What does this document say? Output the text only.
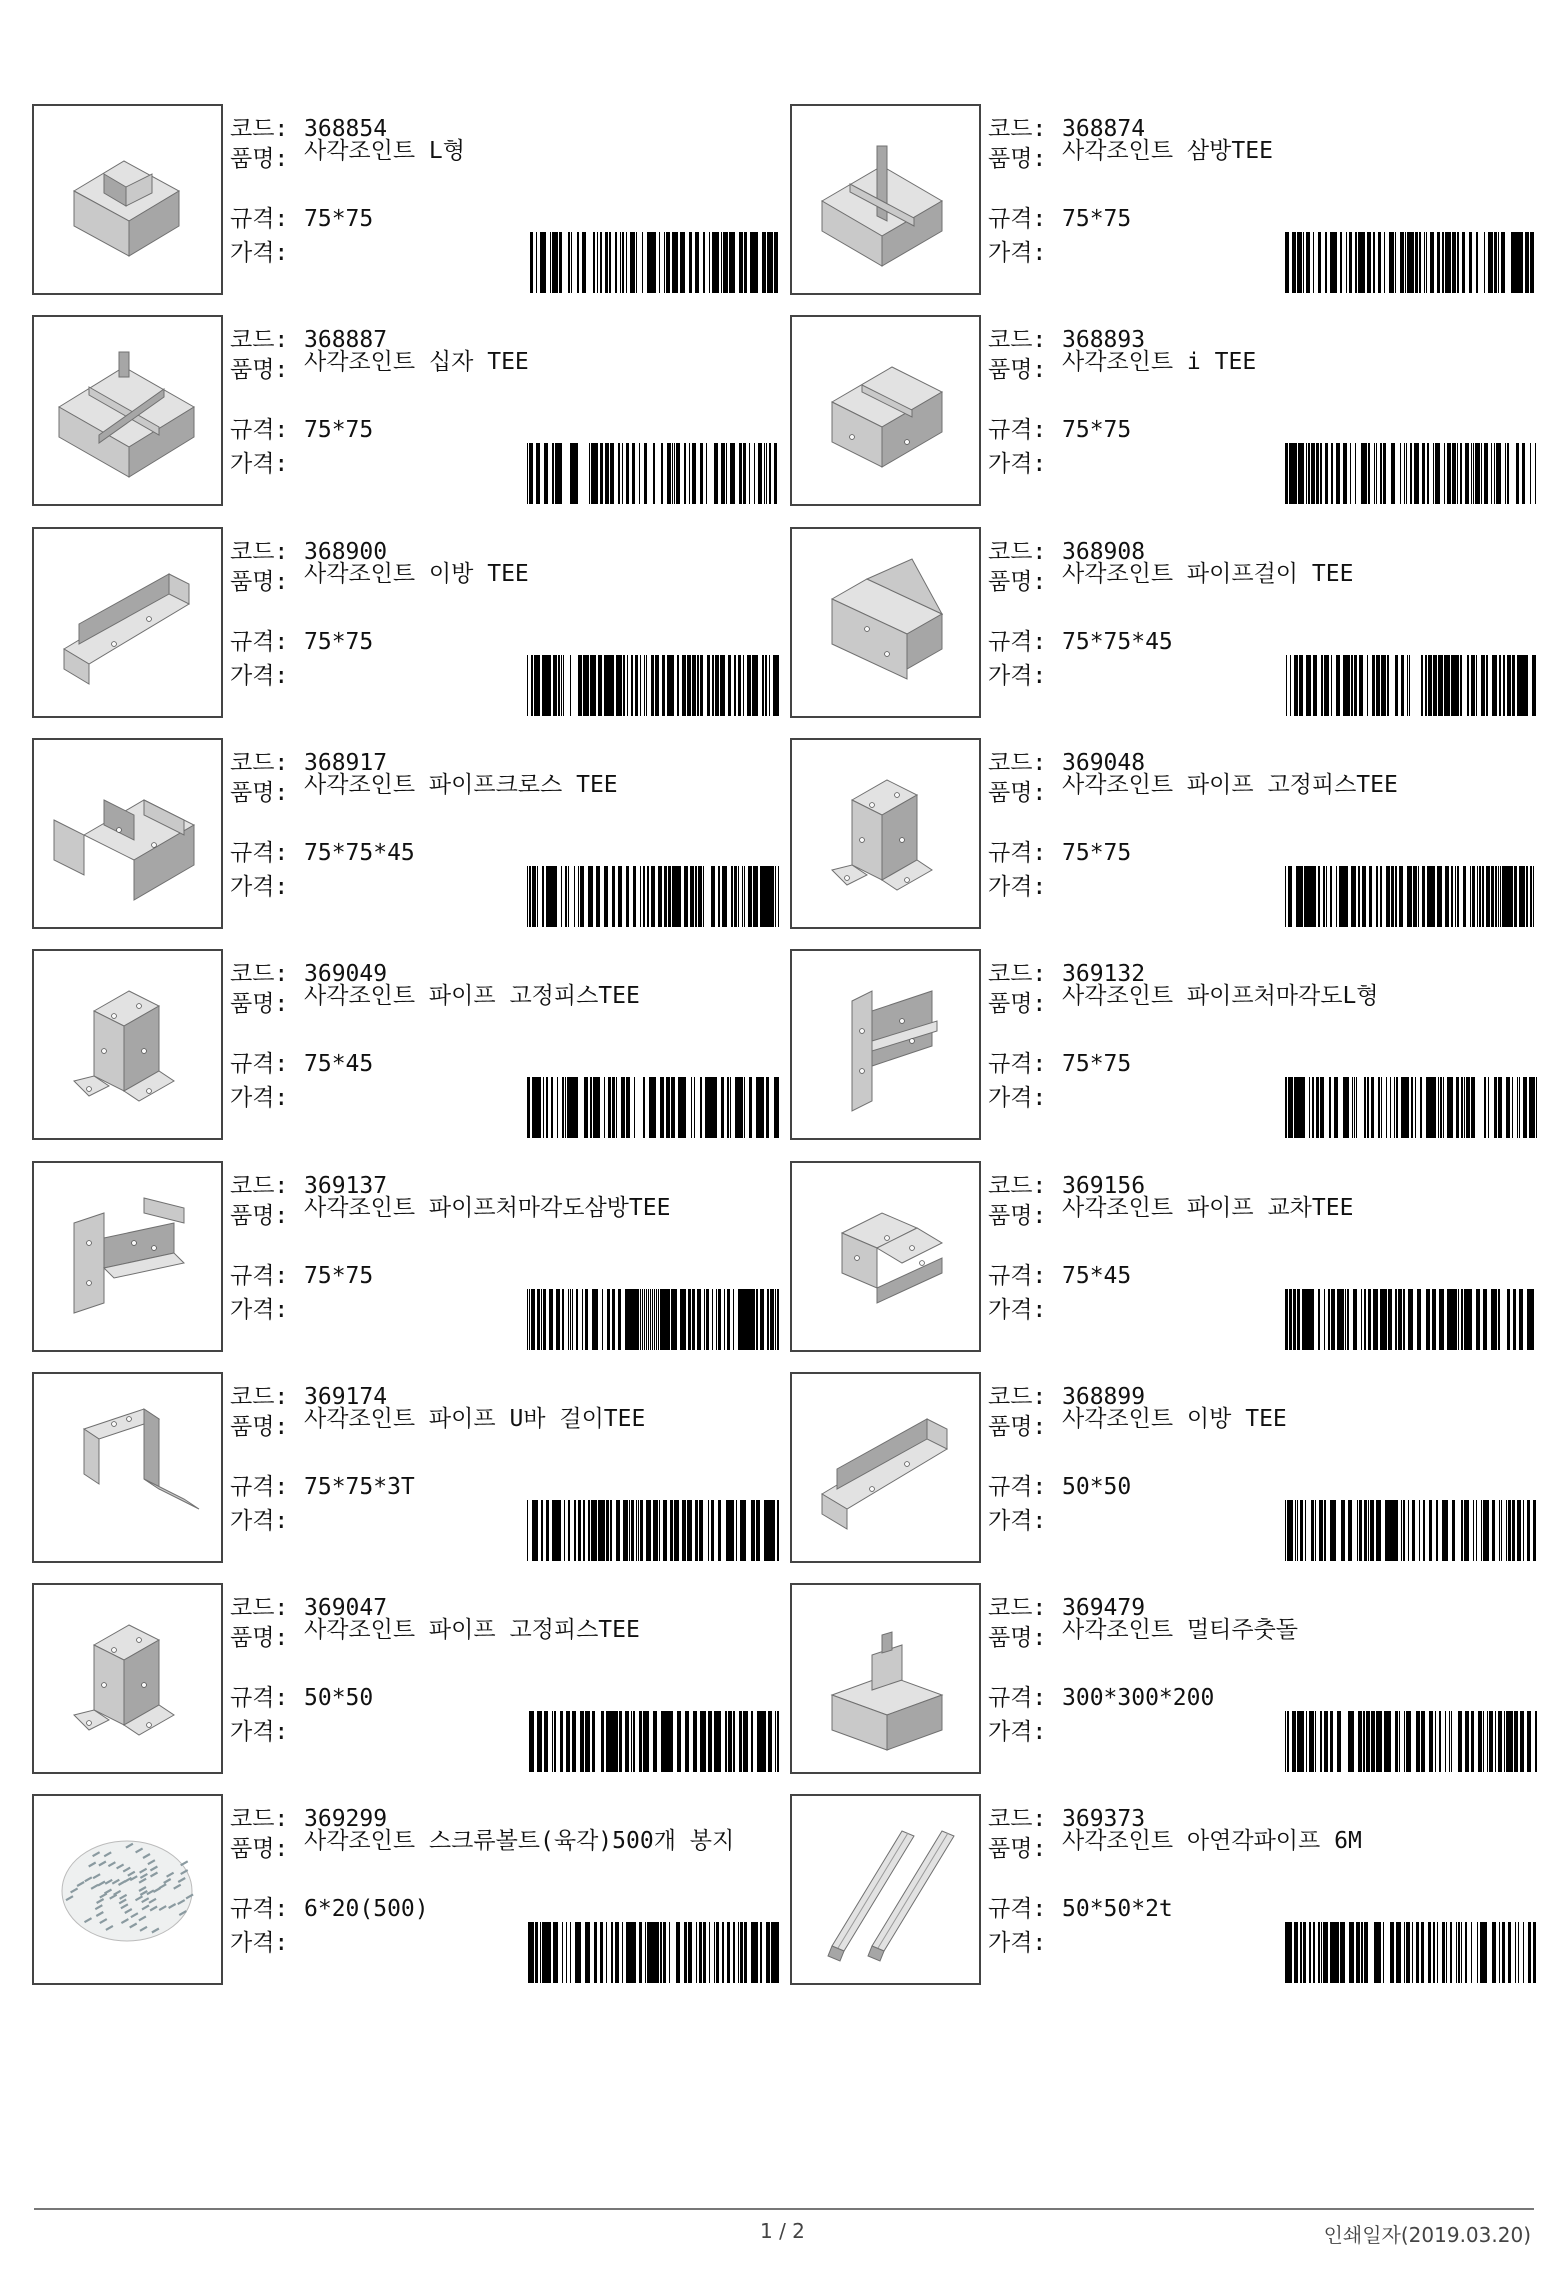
코드: 368854
품명: 사각조인트 L형
규격: 75*75
가격:
코드: 368874
품명: 사각조인트 삼방TEE
규격: 75*75
가격:
코드: 368887
품명: 사각조인트 십자 TEE
규격: 75*75
가격:
코드: 368893
품명: 사각조인트 i TEE
규격: 75*75
가격:
코드: 368900
품명: 사각조인트 이방 TEE
규격: 75*75
가격:
코드: 368908
품명: 사각조인트 파이프걸이 TEE
규격: 75*75*45
가격:
코드: 368917
품명: 사각조인트 파이프크로스 TEE
규격: 75*75*45
가격:
코드: 369048
품명: 사각조인트 파이프 고정피스TEE
규격: 75*75
가격:
코드: 369049
품명: 사각조인트 파이프 고정피스TEE
규격: 75*45
가격:
코드: 369132
품명: 사각조인트 파이프처마각도L형
규격: 75*75
가격:
코드: 369137
품명: 사각조인트 파이프처마각도삼방TEE
규격: 75*75
가격:
코드: 369156
품명: 사각조인트 파이프 교차TEE
규격: 75*45
가격:
코드: 369174
품명: 사각조인트 파이프 U바 걸이TEE
규격: 75*75*3T
가격:
코드: 368899
품명: 사각조인트 이방 TEE
규격: 50*50
가격:
코드: 369047
품명: 사각조인트 파이프 고정피스TEE
규격: 50*50
가격:
코드: 369479
품명: 사각조인트 멀티주춧돌
규격: 300*300*200
가격:
코드: 369299
품명: 사각조인트 스크류볼트(육각)500개 봉지
규격: 6*20(500)
가격:
코드: 369373
품명: 사각조인트 아연각파이프 6M
규격: 50*50*2t
가격:
1 / 2	인쇄일자(2019.03.20)
